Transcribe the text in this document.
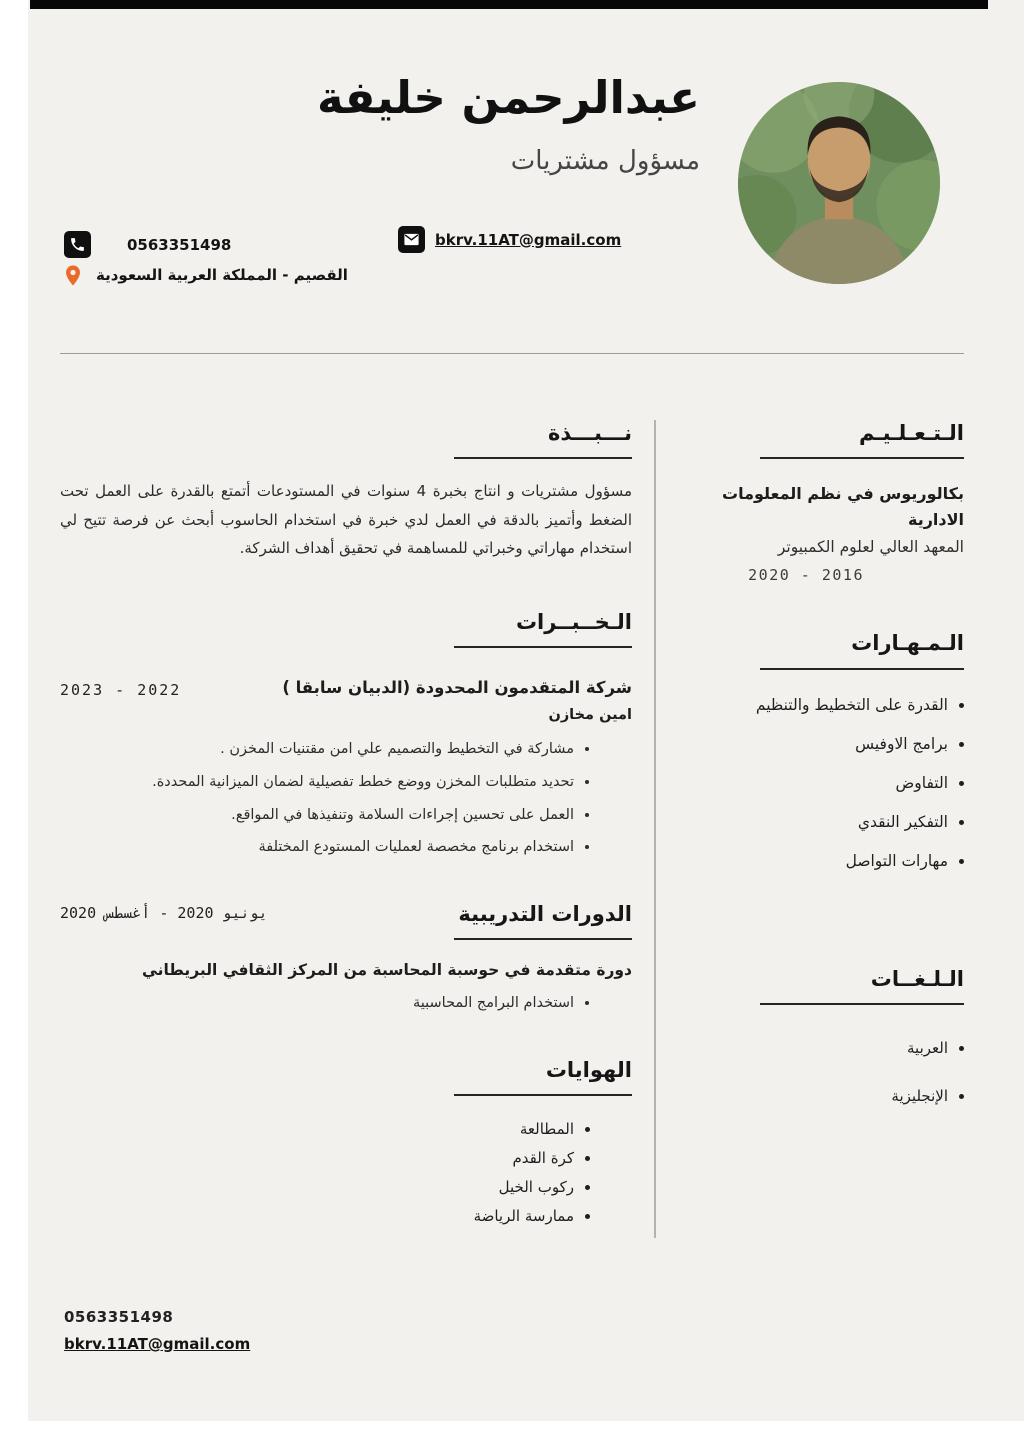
عبدالرحمن خليفة
مسؤول مشتريات
bkrv.11AT@gmail.com
0563351498
القصيم - المملكة العربية السعودية
الـتـعـلـيـم
بكالوريوس في نظم المعلومات الادارية
المعهد العالي لعلوم الكمبيوتر
2016 - 2020
الـمـهـارات
• القدرة على التخطيط والتنظيم
• برامج الاوفيس
• التفاوض
• التفكير النقدي
• مهارات التواصل
الـلـغــات
• العربية
• الإنجليزية
نـــبـــذة

مسؤول مشتريات و انتاج بخبرة 4 سنوات في المستودعات أتمتع بالقدرة على العمل تحت الضغط وأتميز بالدقة في العمل لدي خبرة في استخدام الحاسوب أبحث عن فرصة تتيح لي استخدام مهاراتي وخبراتي للمساهمة في تحقيق أهداف الشركة.

الـخــبــرات
شركة المتقدمون المحدودة (الدبيان سابقا )
2022 - 2023
امين مخازن
• مشاركة في التخطيط والتصميم علي امن مقتنيات المخزن .
• تحديد متطلبات المخزن ووضع خطط تفصيلية لضمان الميزانية المحددة.
• العمل على تحسين إجراءات السلامة وتنفيذها في المواقع.
• استخدام برنامج مخصصة لعمليات المستودع المختلفة
الدورات التدريبية
يونيو 2020 - أغسطس 2020
دورة متقدمة في حوسبة المحاسبة من المركز الثقافي البريطاني
• استخدام البرامج المحاسبية
الهوايات
• المطالعة
• كرة القدم
• ركوب الخيل
• ممارسة الرياضة
0563351498
bkrv.11AT@gmail.com
